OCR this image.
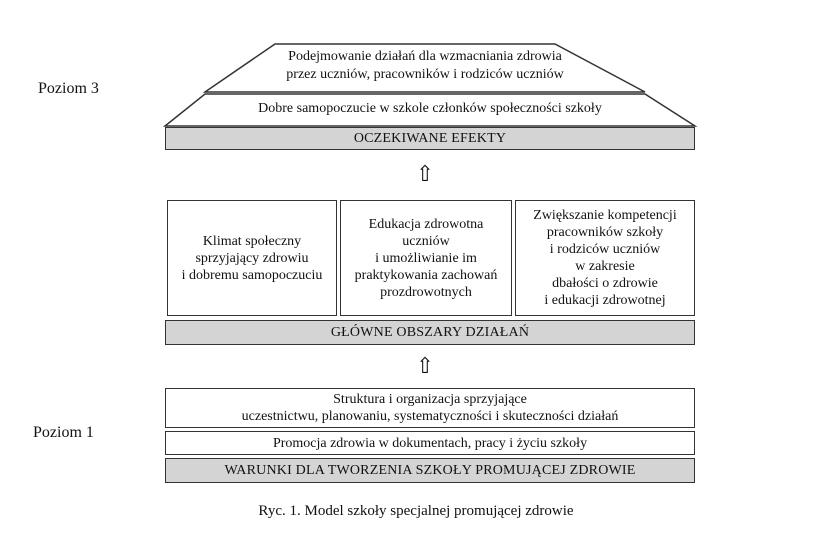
Poziom 3
Poziom 1
Podejmowanie działań dla wzmacniania zdrowia
przez uczniów, pracowników i rodziców uczniów
Dobre samopoczucie w szkole członków społeczności szkoły
OCZEKIWANE EFEKTY
⇧
Klimat społeczny
sprzyjający zdrowiu
i dobremu samopoczuciu
Edukacja zdrowotna
uczniów
i umożliwianie im
praktykowania zachowań
prozdrowotnych
Zwiększanie kompetencji
pracowników szkoły
i rodziców uczniów
w zakresie
dbałości o zdrowie
i edukacji zdrowotnej
GŁÓWNE OBSZARY DZIAŁAŃ
⇧
Struktura i organizacja sprzyjające
uczestnictwu, planowaniu, systematyczności i skuteczności działań
Promocja zdrowia w dokumentach, pracy i życiu szkoły
WARUNKI DLA TWORZENIA SZKOŁY PROMUJĄCEJ ZDROWIE
Ryc. 1. Model szkoły specjalnej promującej zdrowie
